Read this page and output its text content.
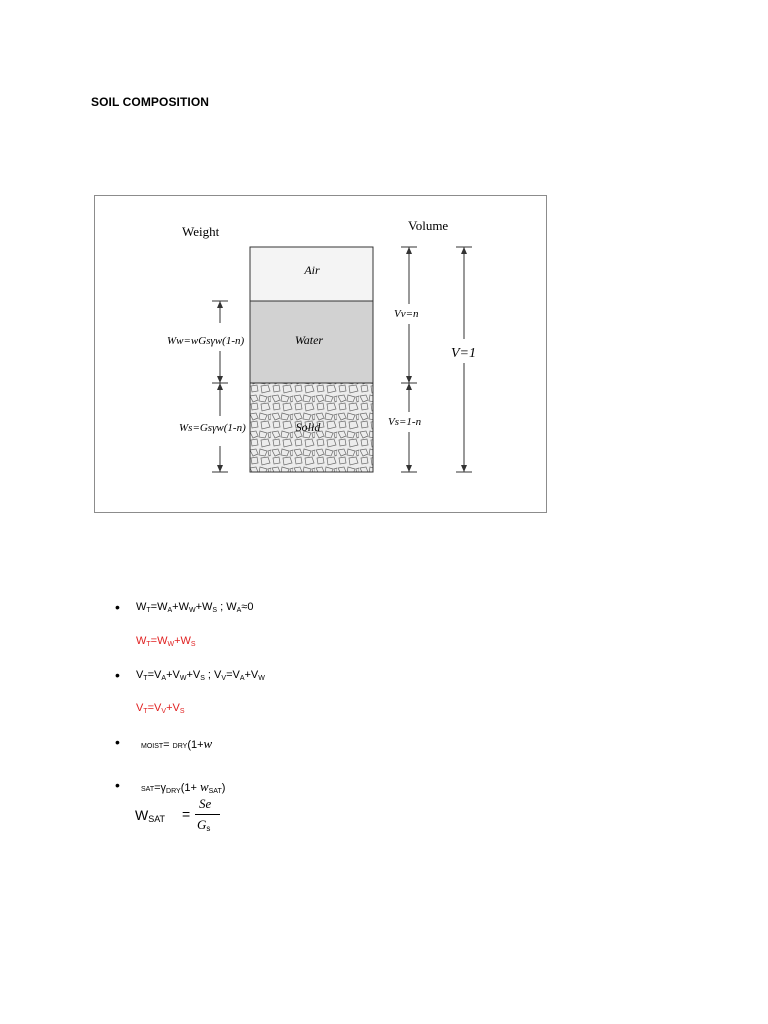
SOIL COMPOSITION
Weight	Volume
Air
Water
Solid
Ww=wGsγw(1-n)
Ws=Gsγw(1-n)
Vv=n
Vs=1-n
V=1
• $W_T=W_A+W_W+W_S$ ; $W_A\approx 0$
$W_T=W_W+W_S$
• $V_T=V_A+V_W+V_S$ ; $V_V=V_A+V_W$
$V_T=V_V+V_S$
•	MOIST= DRY(1+w
•	$SAT=\gamma_{DRY}(1+ w_{SAT})$
$W_{SAT}$ =
Se
$G_s$
